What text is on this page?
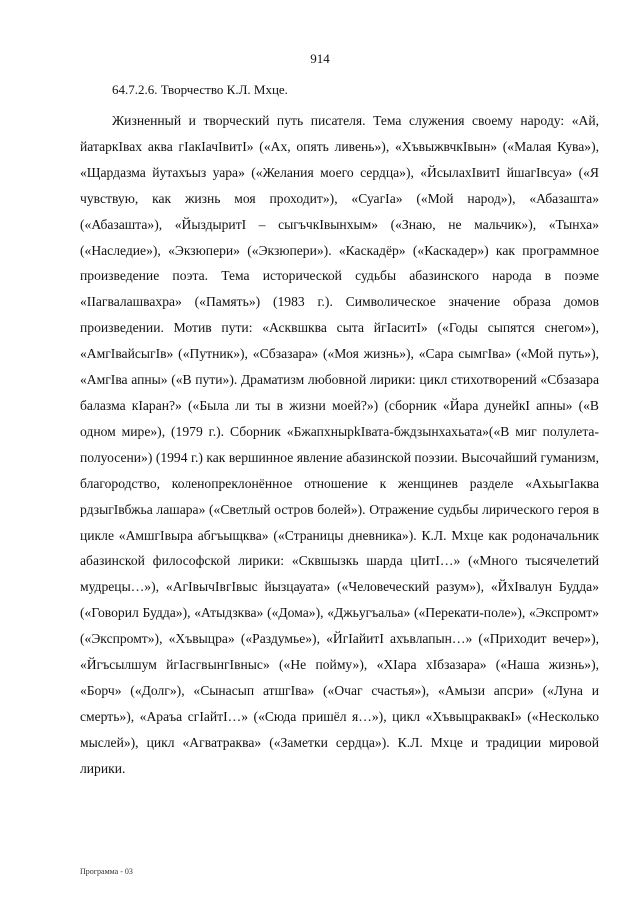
914
64.7.2.6. Творчество К.Л. Мхце.

Жизненный и творческий путь писателя. Тема служения своему народу: «Ай, йатаркIвах аква гIакIачIвитI» («Ах, опять ливень»), «ХъвыжвчкIвын» («Малая Кува»), «Щардазма йутахъыз уара» («Желания моего сердца»), «ЙсылахIвитI йшагIвсуа» («Я чувствую, как жизнь моя проходит»), «СуагIа» («Мой народ»), «Абазашта» («Абазашта»), «ЙыздыритI – сыгъчкIвынхым» («Знаю, не мальчик»), «Тынха» («Наследие»), «Экзюпери» («Экзюпери»). «Каскадёр» («Каскадер») как программное произведение поэта. Тема исторической судьбы абазинского народа в поэме «IIагвалашвахра» («Память») (1983 г.). Символическое значение образа домов произведении. Мотив пути: «Асквшква сыта йгIаситI» («Годы сыпятся снегом»), «АмгIвайсыгIв» («Путник»), «Сбзазара» («Моя жизнь»), «Сара сымгIва» («Мой путь»), «АмгIва апны» («В пути»). Драматизм любовной лирики: цикл стихотворений «Сбзазара балазма кIаран?» («Была ли ты в жизни моей?») (сборник «Йара дунейкI апны» («В одном мире»), (1979 г.). Сборник «БжапхнырkIвата-бждзынхахьата»(«В миг полулета-полуосени») (1994 г.) как вершинное явление абазинской поэзии. Высочайший гуманизм, благородство, коленопреклонённое отношение к женщинев разделе «АхьыгIаква рдзыгIвбжьа лашара» («Светлый остров болей»). Отражение судьбы лирического героя в цикле «АмшгIвыра абгъыщква» («Страницы дневника»). К.Л. Мхце как родоначальник абазинской философской лирики: «Сквшызкь шарда цIитI…» («Много тысячелетий мудрецы…»), «АгIвычIвгIвыс йызцауата» («Человеческий разум»), «ЙхIвалун Будда» («Говорил Будда»), «Атыдзква» («Дома»), «Джьугъальа» («Перекати-поле»), «Экспромт» («Экспромт»), «Хъвыцра» («Раздумье»), «ЙгIайитI ахъвлапын…» («Приходит вечер»), «Йгъсылшум йгIасгвынгIвныс» («Не пойму»), «ХIара хIбзазара» («Наша жизнь»), «Борч» («Долг»), «Сынасып атшгIва» («Очаг счастья»), «Амызи апсри» («Луна и смерть»), «Араъа сгIайтI…» («Сюда пришёл я…»), цикл «ХъвыцраквакI» («Несколько мыслей»), цикл «Агватраква» («Заметки сердца»). К.Л. Мхце и традиции мировой лирики.

Программа - 03
